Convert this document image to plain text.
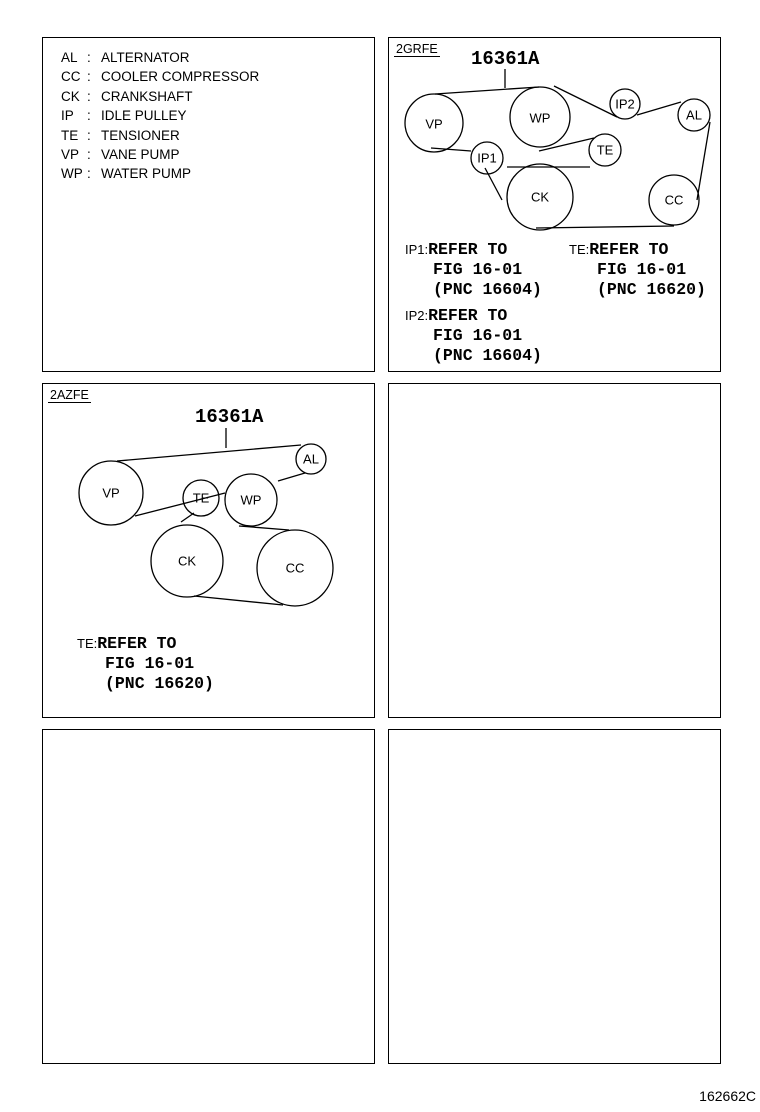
AL : ALTERNATOR
CC : COOLER COMPRESSOR
CK : CRANKSHAFT
IP : IDLE PULLEY
TE : TENSIONER
VP : VANE PUMP
WP : WATER PUMP
2GRFE 16361A
VP	WP
IP2
AL
IP1
TE
CK	CC
IP1:REFER TO
FIG 16-01
(PNC 16604)
TE:REFER TO
FIG 16-01
(PNC 16620)
IP2:REFER TO
FIG 16-01
(PNC 16604)
2AZFE
16361A
AL
VP	TE WP
CK	CC
TE:REFER TO
FIG 16-01
(PNC 16620)
162662C
